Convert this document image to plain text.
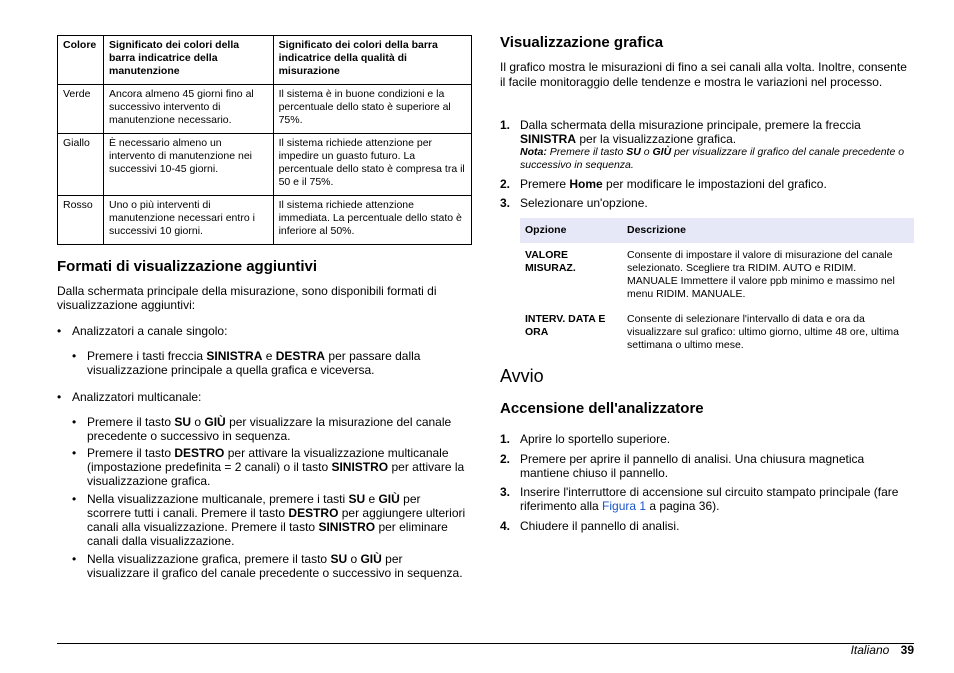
Colore	Significato dei colori della barra indicatrice della manutenzione	Significato dei colori della barra indicatrice della qualità di misurazione
Verde	Ancora almeno 45 giorni fino al successivo intervento di manutenzione necessario.	Il sistema è in buone condizioni e la percentuale dello stato è superiore al 75%.
Giallo	È necessario almeno un intervento di manutenzione nei successivi 10-45 giorni.	Il sistema richiede attenzione per impedire un guasto futuro. La percentuale dello stato è compresa tra il 50 e il 75%.
Rosso	Uno o più interventi di manutenzione necessari entro i successivi 10 giorni.	Il sistema richiede attenzione immediata. La percentuale dello stato è inferiore al 50%.
Formati di visualizzazione aggiuntivi

Dalla schermata principale della misurazione, sono disponibili formati di visualizzazione aggiuntivi:

• Analizzatori a canale singolo:
• Premere i tasti freccia SINISTRA e DESTRA per passare dalla visualizzazione principale a quella grafica e viceversa.
• Analizzatori multicanale:
• Premere il tasto SU o GIÙ per visualizzare la misurazione del canale precedente o successivo in sequenza.
• Premere il tasto DESTRO per attivare la visualizzazione multicanale (impostazione predefinita = 2 canali) o il tasto SINISTRO per attivare la visualizzazione grafica.
• Nella visualizzazione multicanale, premere i tasti SU e GIÙ per scorrere tutti i canali. Premere il tasto DESTRO per aggiungere ulteriori canali alla visualizzazione. Premere il tasto SINISTRO per eliminare canali dalla visualizzazione.
• Nella visualizzazione grafica, premere il tasto SU o GIÙ per visualizzare il grafico del canale precedente o successivo in sequenza.
Visualizzazione grafica

Il grafico mostra le misurazioni di fino a sei canali alla volta. Inoltre, consente il facile monitoraggio delle tendenze e mostra le variazioni nel processo.

1. Dalla schermata della misurazione principale, premere la freccia SINISTRA per la visualizzazione grafica.
Nota: Premere il tasto SU o GIÙ per visualizzare il grafico del canale precedente o successivo in sequenza.
2. Premere Home per modificare le impostazioni del grafico.
3. Selezionare un'opzione.
Opzione	Descrizione
VALORE MISURAZ.	Consente di impostare il valore di misurazione del canale selezionato. Scegliere tra RIDIM. AUTO e RIDIM. MANUALE Immettere il valore ppb minimo e massimo nel menu RIDIM. MANUALE.
INTERV. DATA E ORA	Consente di selezionare l'intervallo di data e ora da visualizzare sul grafico: ultimo giorno, ultime 48 ore, ultima settimana o ultimo mese.
Avvio
Accensione dell'analizzatore
1. Aprire lo sportello superiore.
2. Premere per aprire il pannello di analisi. Una chiusura magnetica mantiene chiuso il pannello.
3. Inserire l'interruttore di accensione sul circuito stampato principale (fare riferimento alla Figura 1 a pagina 36).
4. Chiudere il pannello di analisi.
Italiano 39
